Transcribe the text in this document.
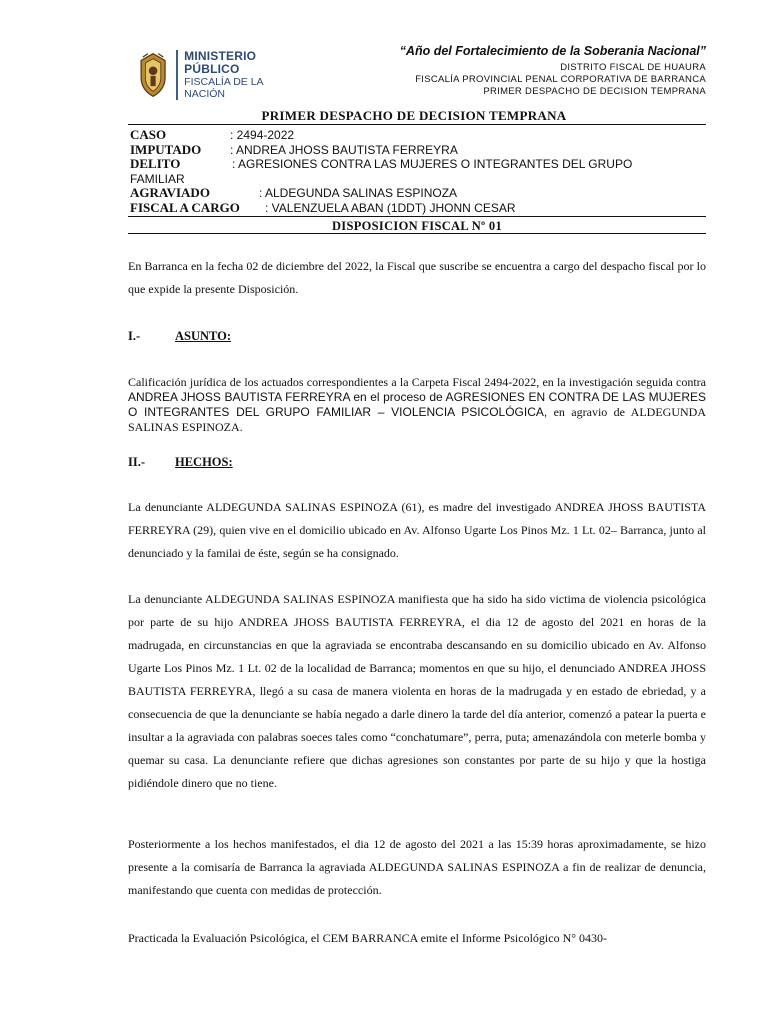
MINISTERIO PÚBLICO
FISCALÍA DE LA NACIÓN
“Año del Fortalecimiento de la Soberania Nacional”
DISTRITO FISCAL DE HUAURA
FISCALÍA PROVINCIAL PENAL CORPORATIVA DE BARRANCA
PRIMER DESPACHO DE DECISION TEMPRANA
PRIMER DESPACHO DE DECISION TEMPRANA
CASO	: 2494-2022
IMPUTADO : ANDREA JHOSS BAUTISTA FERREYRA
DELITO	: AGRESIONES CONTRA LAS MUJERES O INTEGRANTES DEL GRUPO
FAMILIAR
AGRAVIADO	: ALDEGUNDA SALINAS ESPINOZA
FISCAL A CARGO : VALENZUELA ABAN (1DDT) JHONN CESAR
DISPOSICION FISCAL Nº 01
En Barranca en la fecha 02 de diciembre del 2022, la Fiscal que suscribe se encuentra a cargo del despacho fiscal por lo que expide la presente Disposición.
I.-	ASUNTO:
Calificación jurídica de los actuados correspondientes a la Carpeta Fiscal 2494-2022, en la investigación seguida contra ANDREA JHOSS BAUTISTA FERREYRA en el proceso de AGRESIONES EN CONTRA DE LAS MUJERES O INTEGRANTES DEL GRUPO FAMILIAR – VIOLENCIA PSICOLÓGICA, en agravio de ALDEGUNDA SALINAS ESPINOZA.
II.- HECHOS:
La denunciante ALDEGUNDA SALINAS ESPINOZA (61), es madre del investigado ANDREA JHOSS BAUTISTA FERREYRA (29), quien vive en el domicilio ubicado en Av. Alfonso Ugarte Los Pinos Mz. 1 Lt. 02– Barranca, junto al denunciado y la familai de éste, según se ha consignado.
La denunciante ALDEGUNDA SALINAS ESPINOZA manifiesta que ha sido ha sido victima de violencia psicológica por parte de su hijo ANDREA JHOSS BAUTISTA FERREYRA, el dia 12 de agosto del 2021 en horas de la madrugada, en circunstancias en que la agraviada se encontraba descansando en su domicilio ubicado en Av. Alfonso Ugarte Los Pinos Mz. 1 Lt. 02 de la localidad de Barranca; momentos en que su hijo, el denunciado ANDREA JHOSS BAUTISTA FERREYRA, llegó a su casa de manera violenta en horas de la madrugada y en estado de ebriedad, y a consecuencia de que la denunciante se había negado a darle dinero la tarde del día anterior, comenzó a patear la puerta e insultar a la agraviada con palabras soeces tales como “conchatumare”, perra, puta; amenazándola con meterle bomba y quemar su casa. La denunciante refiere que dichas agresiones son constantes por parte de su hijo y que la hostiga pidiéndole dinero que no tiene.
Posteriormente a los hechos manifestados, el dia 12 de agosto del 2021 a las 15:39 horas aproximadamente, se hizo presente a la comisaría de Barranca la agraviada ALDEGUNDA SALINAS ESPINOZA a fin de realizar de denuncia, manifestando que cuenta con medidas de protección.
Practicada la Evaluación Psicológica, el CEM BARRANCA emite el Informe Psicológico N° 0430-
